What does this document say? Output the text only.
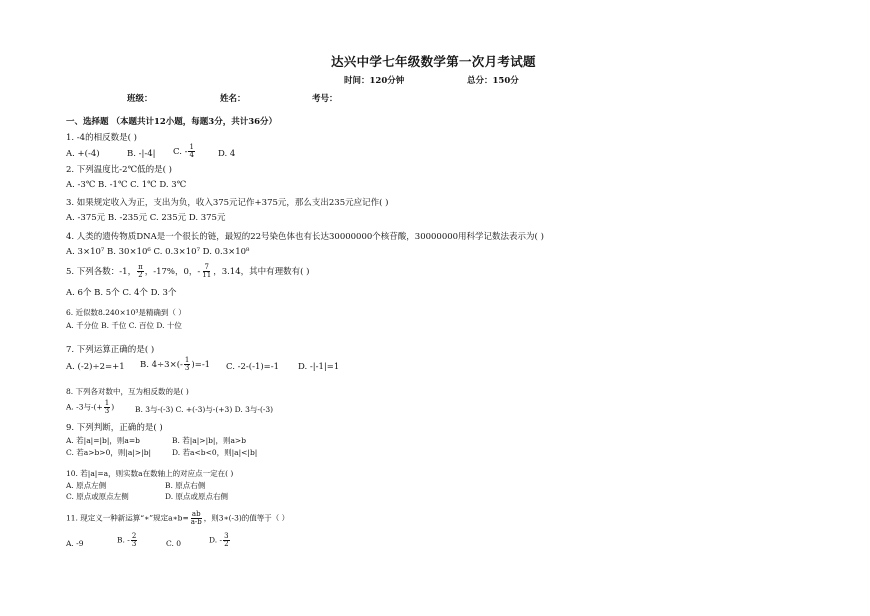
达兴中学七年级数学第一次月考试题
时间：120分钟	总分：150分
班级：	姓名：	考号：
一、选择题 （本题共计12小题，每题3分，共计36分）
1. -4的相反数是( )
A. +(-4)	B. -|-4| C. - $\frac{1}{4}$	D. 4
2. 下列温度比-2℃低的是( )
A. -3℃ B. -1℃ C. 1℃ D. 3℃
3. 如果规定收入为正，支出为负，收入375元记作+375元，那么支出235元应记作( )
A. -375元 B. -235元 C. 235元 D. 375元
4. 人类的遗传物质DNA是一个很长的链，最短的22号染色体也有长达30000000个核苷酸，30000000用科学记数法表示为( )
A. 3×10⁷ B. 30×10⁶ C. 0.3×10⁷ D. 0.3×10⁸
5. 下列各数：-1， $\frac{\pi}{2}$ ，-17%，0，- $\frac{7}{11}$ ，3.14，其中有理数有( )
A. 6个 B. 5个 C. 4个 D. 3个
6. 近似数8.240×10³是精确到（ ）
A. 千分位 B. 千位 C. 百位 D. 十位
7. 下列运算正确的是( )
A. (-2)÷2=+1 B. $4\div 3\times(- \frac{1}{3} )=-1$ C. -2-(-1)=-1 D. -|-1|=1
8. 下列各对数中，互为相反数的是( )
A. -3与-(+ $\frac{1}{3}$ )	B. 3与-(-3) C. +(-3)与-(+3) D. 3与-(-3)
9. 下列判断，正确的是( )
A. 若|a|=|b|，则a=b	B. 若|a|>|b|，则a>b
C. 若a>b>0，则|a|>|b|	D. 若a<b<0，则|a|<|b|
10. 若|a|=a，则实数a在数轴上的对应点一定在( )
A. 原点左侧	B. 原点右侧
C. 原点或原点左侧	D. 原点或原点右侧
11. 现定义一种新运算“∗”规定a∗b= $\frac{ab}{a-b}$ ，则3∗(-3)的值等于（ ）
A. -9	B. - $\frac{2}{3}$	C. 0	D. - $\frac{3}{2}$
